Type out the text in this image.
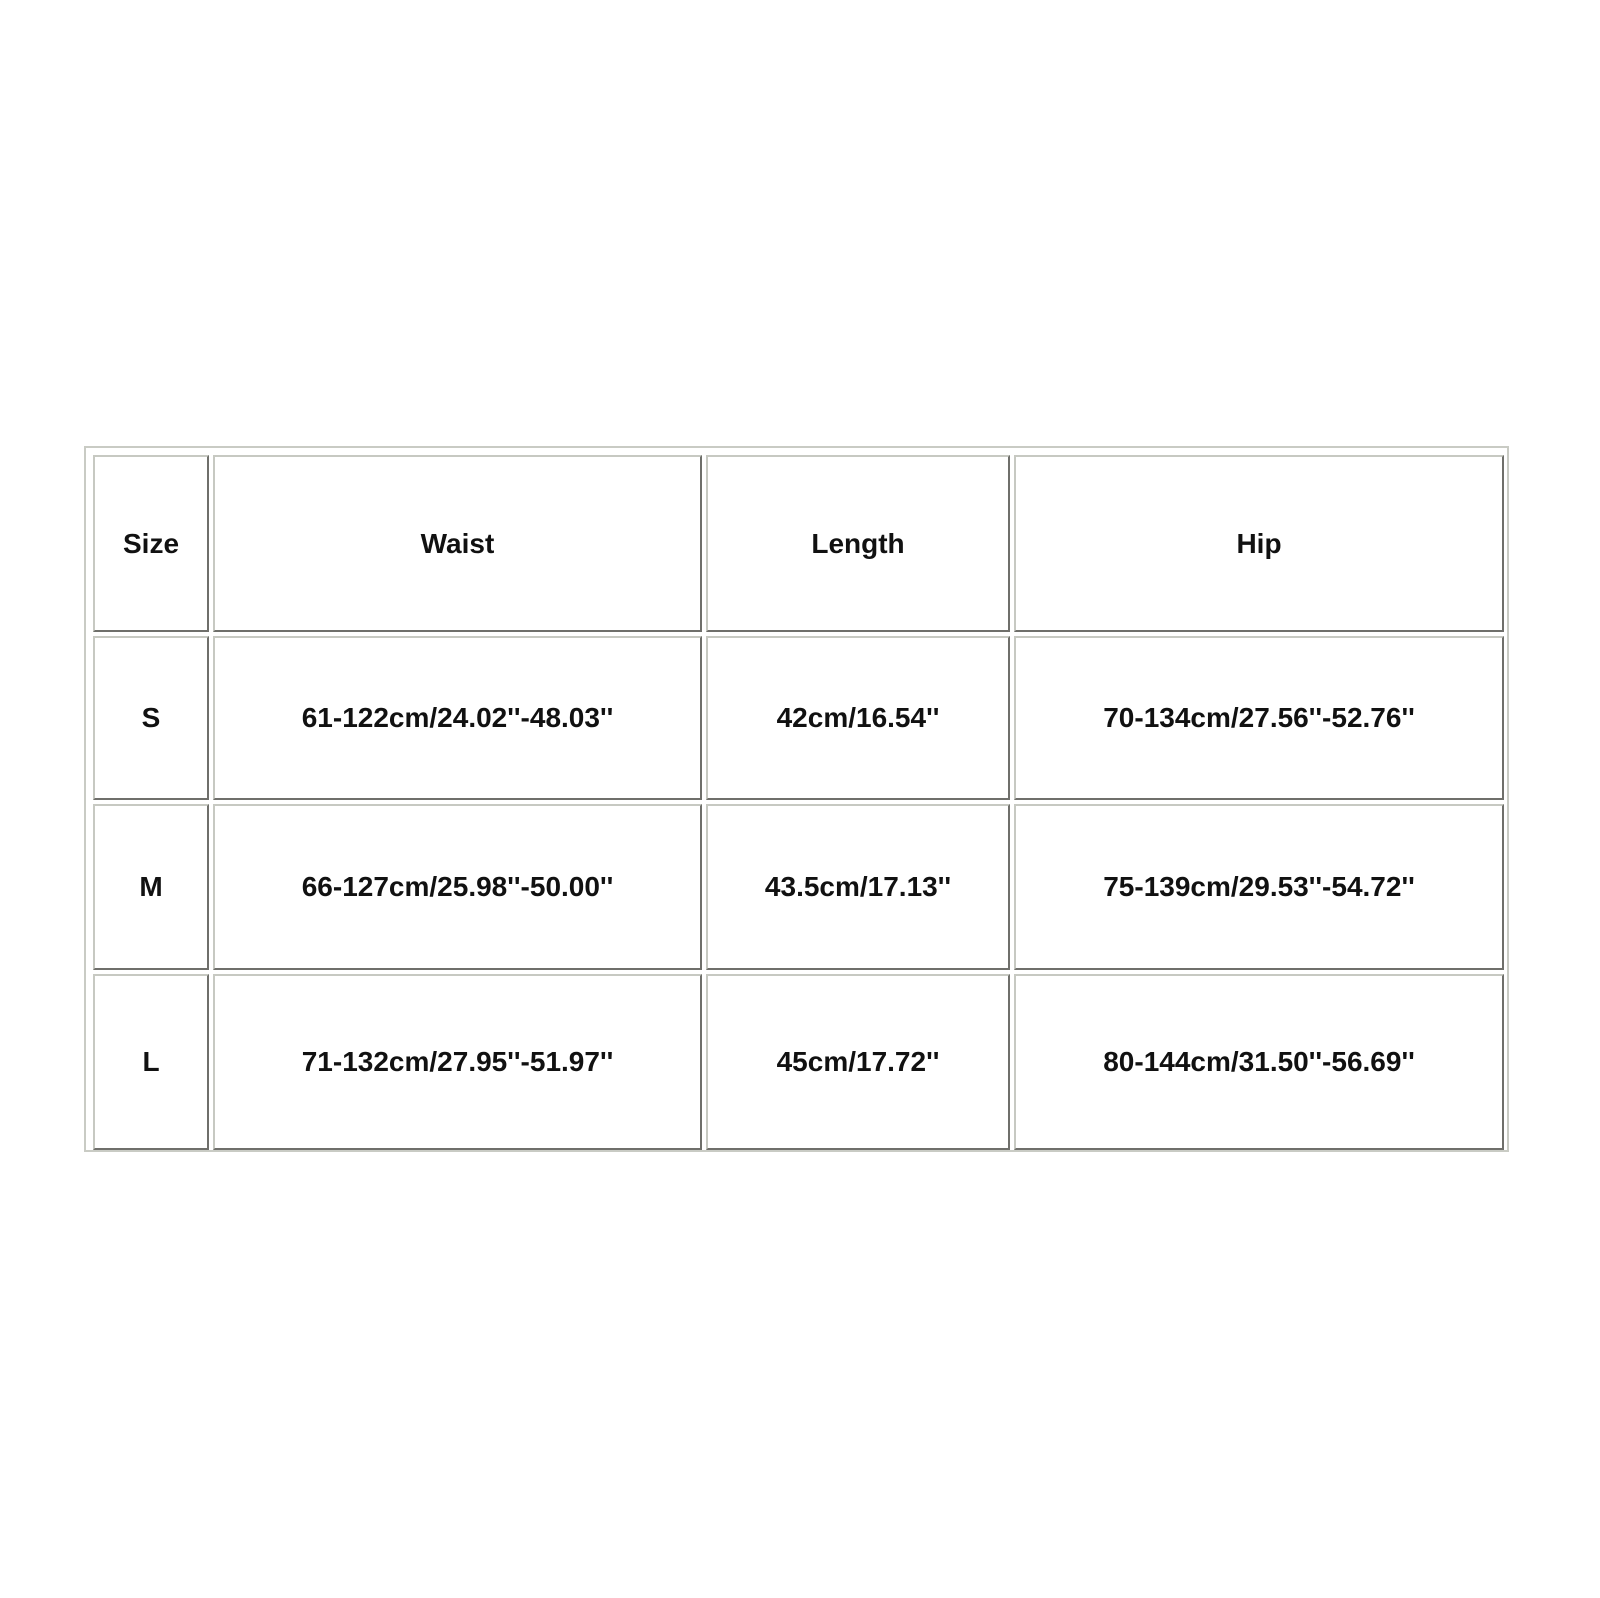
Size	Waist	Length	Hip
S	61-122cm/24.02''-48.03''	42cm/16.54''	70-134cm/27.56''-52.76''
M	66-127cm/25.98''-50.00''	43.5cm/17.13''	75-139cm/29.53''-54.72''
L	71-132cm/27.95''-51.97''	45cm/17.72''	80-144cm/31.50''-56.69''
